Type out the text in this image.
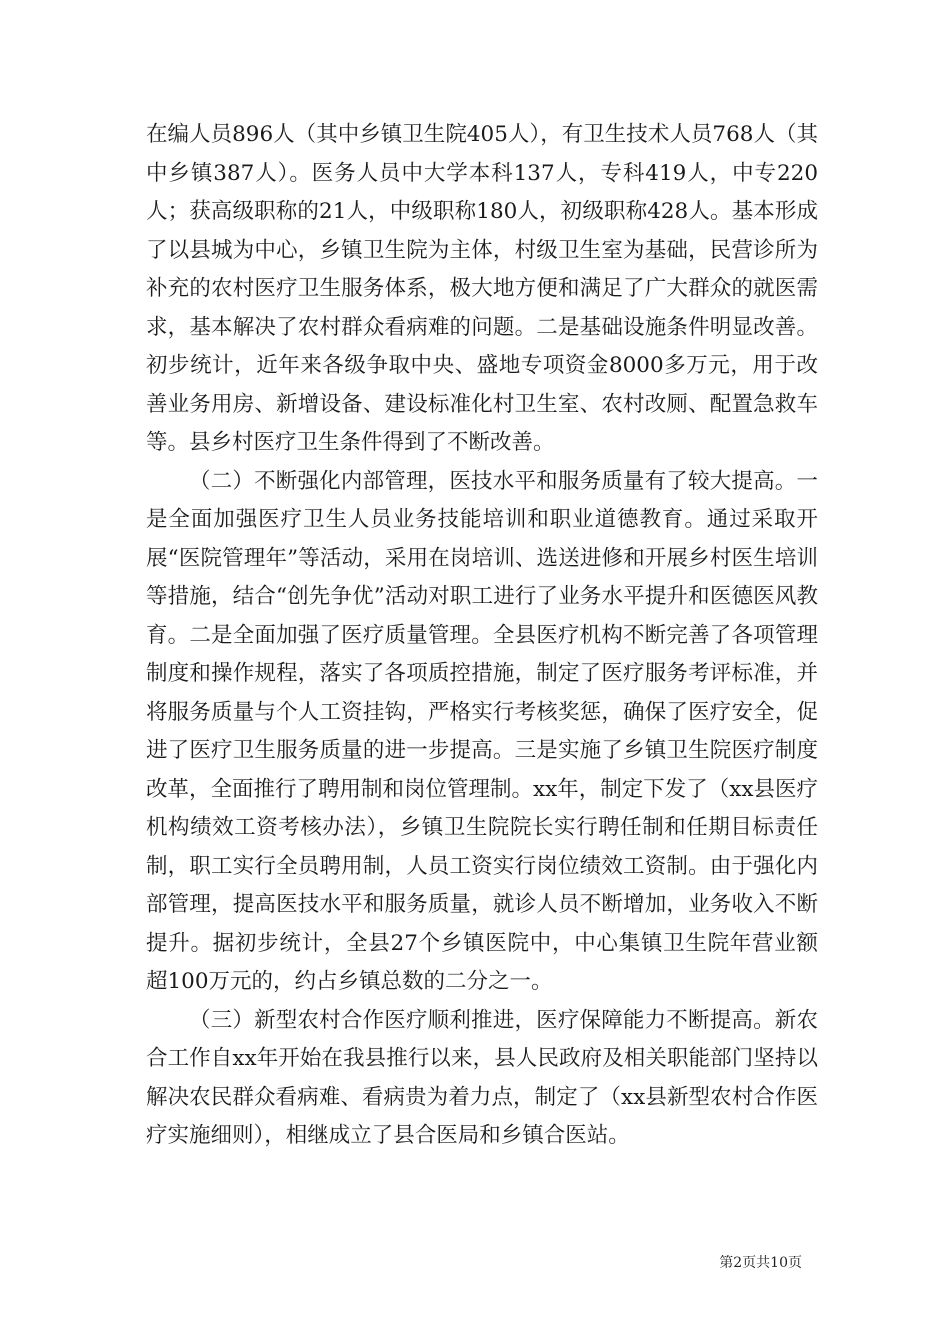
在编人员896人（其中乡镇卫生院405人），有卫生技术人员768人（其中乡镇387人）。医务人员中大学本科137人，专科419人，中专220人；获高级职称的21人，中级职称180人，初级职称428人。基本形成了以县城为中心，乡镇卫生院为主体，村级卫生室为基础，民营诊所为补充的农村医疗卫生服务体系，极大地方便和满足了广大群众的就医需求，基本解决了农村群众看病难的问题。二是基础设施条件明显改善。初步统计，近年来各级争取中央、盛地专项资金8000多万元，用于改善业务用房、新增设备、建设标准化村卫生室、农村改厕、配置急救车等。县乡村医疗卫生条件得到了不断改善。

（二）不断强化内部管理，医技水平和服务质量有了较大提高。一是全面加强医疗卫生人员业务技能培训和职业道德教育。通过采取开展“医院管理年”等活动，采用在岗培训、选送进修和开展乡村医生培训等措施，结合“创先争优”活动对职工进行了业务水平提升和医德医风教育。二是全面加强了医疗质量管理。全县医疗机构不断完善了各项管理制度和操作规程，落实了各项质控措施，制定了医疗服务考评标准，并将服务质量与个人工资挂钩，严格实行考核奖惩，确保了医疗安全，促进了医疗卫生服务质量的进一步提高。三是实施了乡镇卫生院医疗制度改革，全面推行了聘用制和岗位管理制。xx年，制定下发了（xx县医疗机构绩效工资考核办法），乡镇卫生院院长实行聘任制和任期目标责任制，职工实行全员聘用制，人员工资实行岗位绩效工资制。由于强化内部管理，提高医技水平和服务质量，就诊人员不断增加，业务收入不断提升。据初步统计，全县27个乡镇医院中，中心集镇卫生院年营业额超100万元的，约占乡镇总数的二分之一。

（三）新型农村合作医疗顺利推进，医疗保障能力不断提高。新农合工作自xx年开始在我县推行以来，县人民政府及相关职能部门坚持以解决农民群众看病难、看病贵为着力点，制定了（xx县新型农村合作医疗实施细则），相继成立了县合医局和乡镇合医站。

第2页共10页
